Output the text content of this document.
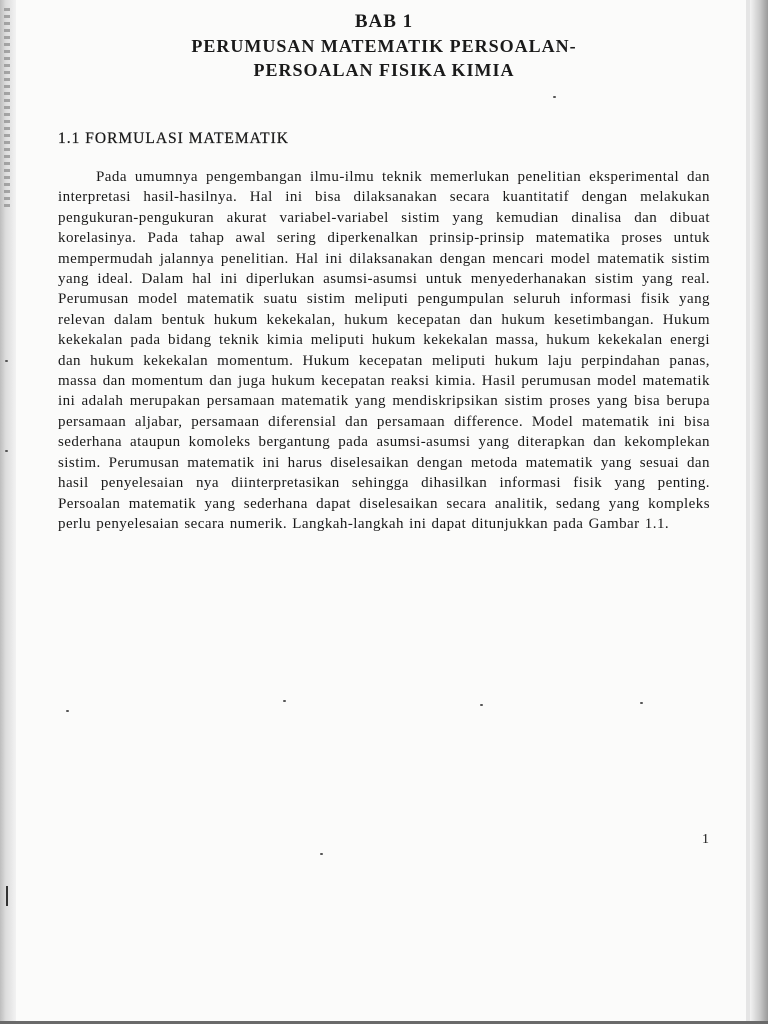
BAB 1
PERUMUSAN MATEMATIK PERSOALAN-
PERSOALAN FISIKA KIMIA
1.1 FORMULASI MATEMATIK

Pada umumnya pengembangan ilmu-ilmu teknik memerlukan penelitian eksperimental dan interpretasi hasil-hasilnya. Hal ini bisa dilaksanakan secara kuantitatif dengan melakukan pengukuran-pengukuran akurat variabel-variabel sistim yang kemudian dinalisa dan dibuat korelasinya. Pada tahap awal sering diperkenalkan prinsip-prinsip matematika proses untuk mempermudah jalannya penelitian. Hal ini dilaksanakan dengan mencari model matematik sistim yang ideal. Dalam hal ini diperlukan asumsi-asumsi untuk menyederhanakan sistim yang real. Perumusan model matematik suatu sistim meliputi pengumpulan seluruh informasi fisik yang relevan dalam bentuk hukum kekekalan, hukum kecepatan dan hukum kesetimbangan. Hukum kekekalan pada bidang teknik kimia meliputi hukum kekekalan massa, hukum kekekalan energi dan hukum kekekalan momentum. Hukum kecepatan meliputi hukum laju perpindahan panas, massa dan momentum dan juga hukum kecepatan reaksi kimia. Hasil perumusan model matematik ini adalah merupakan persamaan matematik yang mendiskripsikan sistim proses yang bisa berupa persamaan aljabar, persamaan diferensial dan persamaan difference. Model matematik ini bisa sederhana ataupun komoleks bergantung pada asumsi-asumsi yang diterapkan dan kekomplekan sistim. Perumusan matematik ini harus diselesaikan dengan metoda matematik yang sesuai dan hasil penyelesaian nya diinterpretasikan sehingga dihasilkan informasi fisik yang penting. Persoalan matematik yang sederhana dapat diselesaikan secara analitik, sedang yang kompleks perlu penyelesaian secara numerik. Langkah-langkah ini dapat ditunjukkan pada Gambar 1.1.

1
